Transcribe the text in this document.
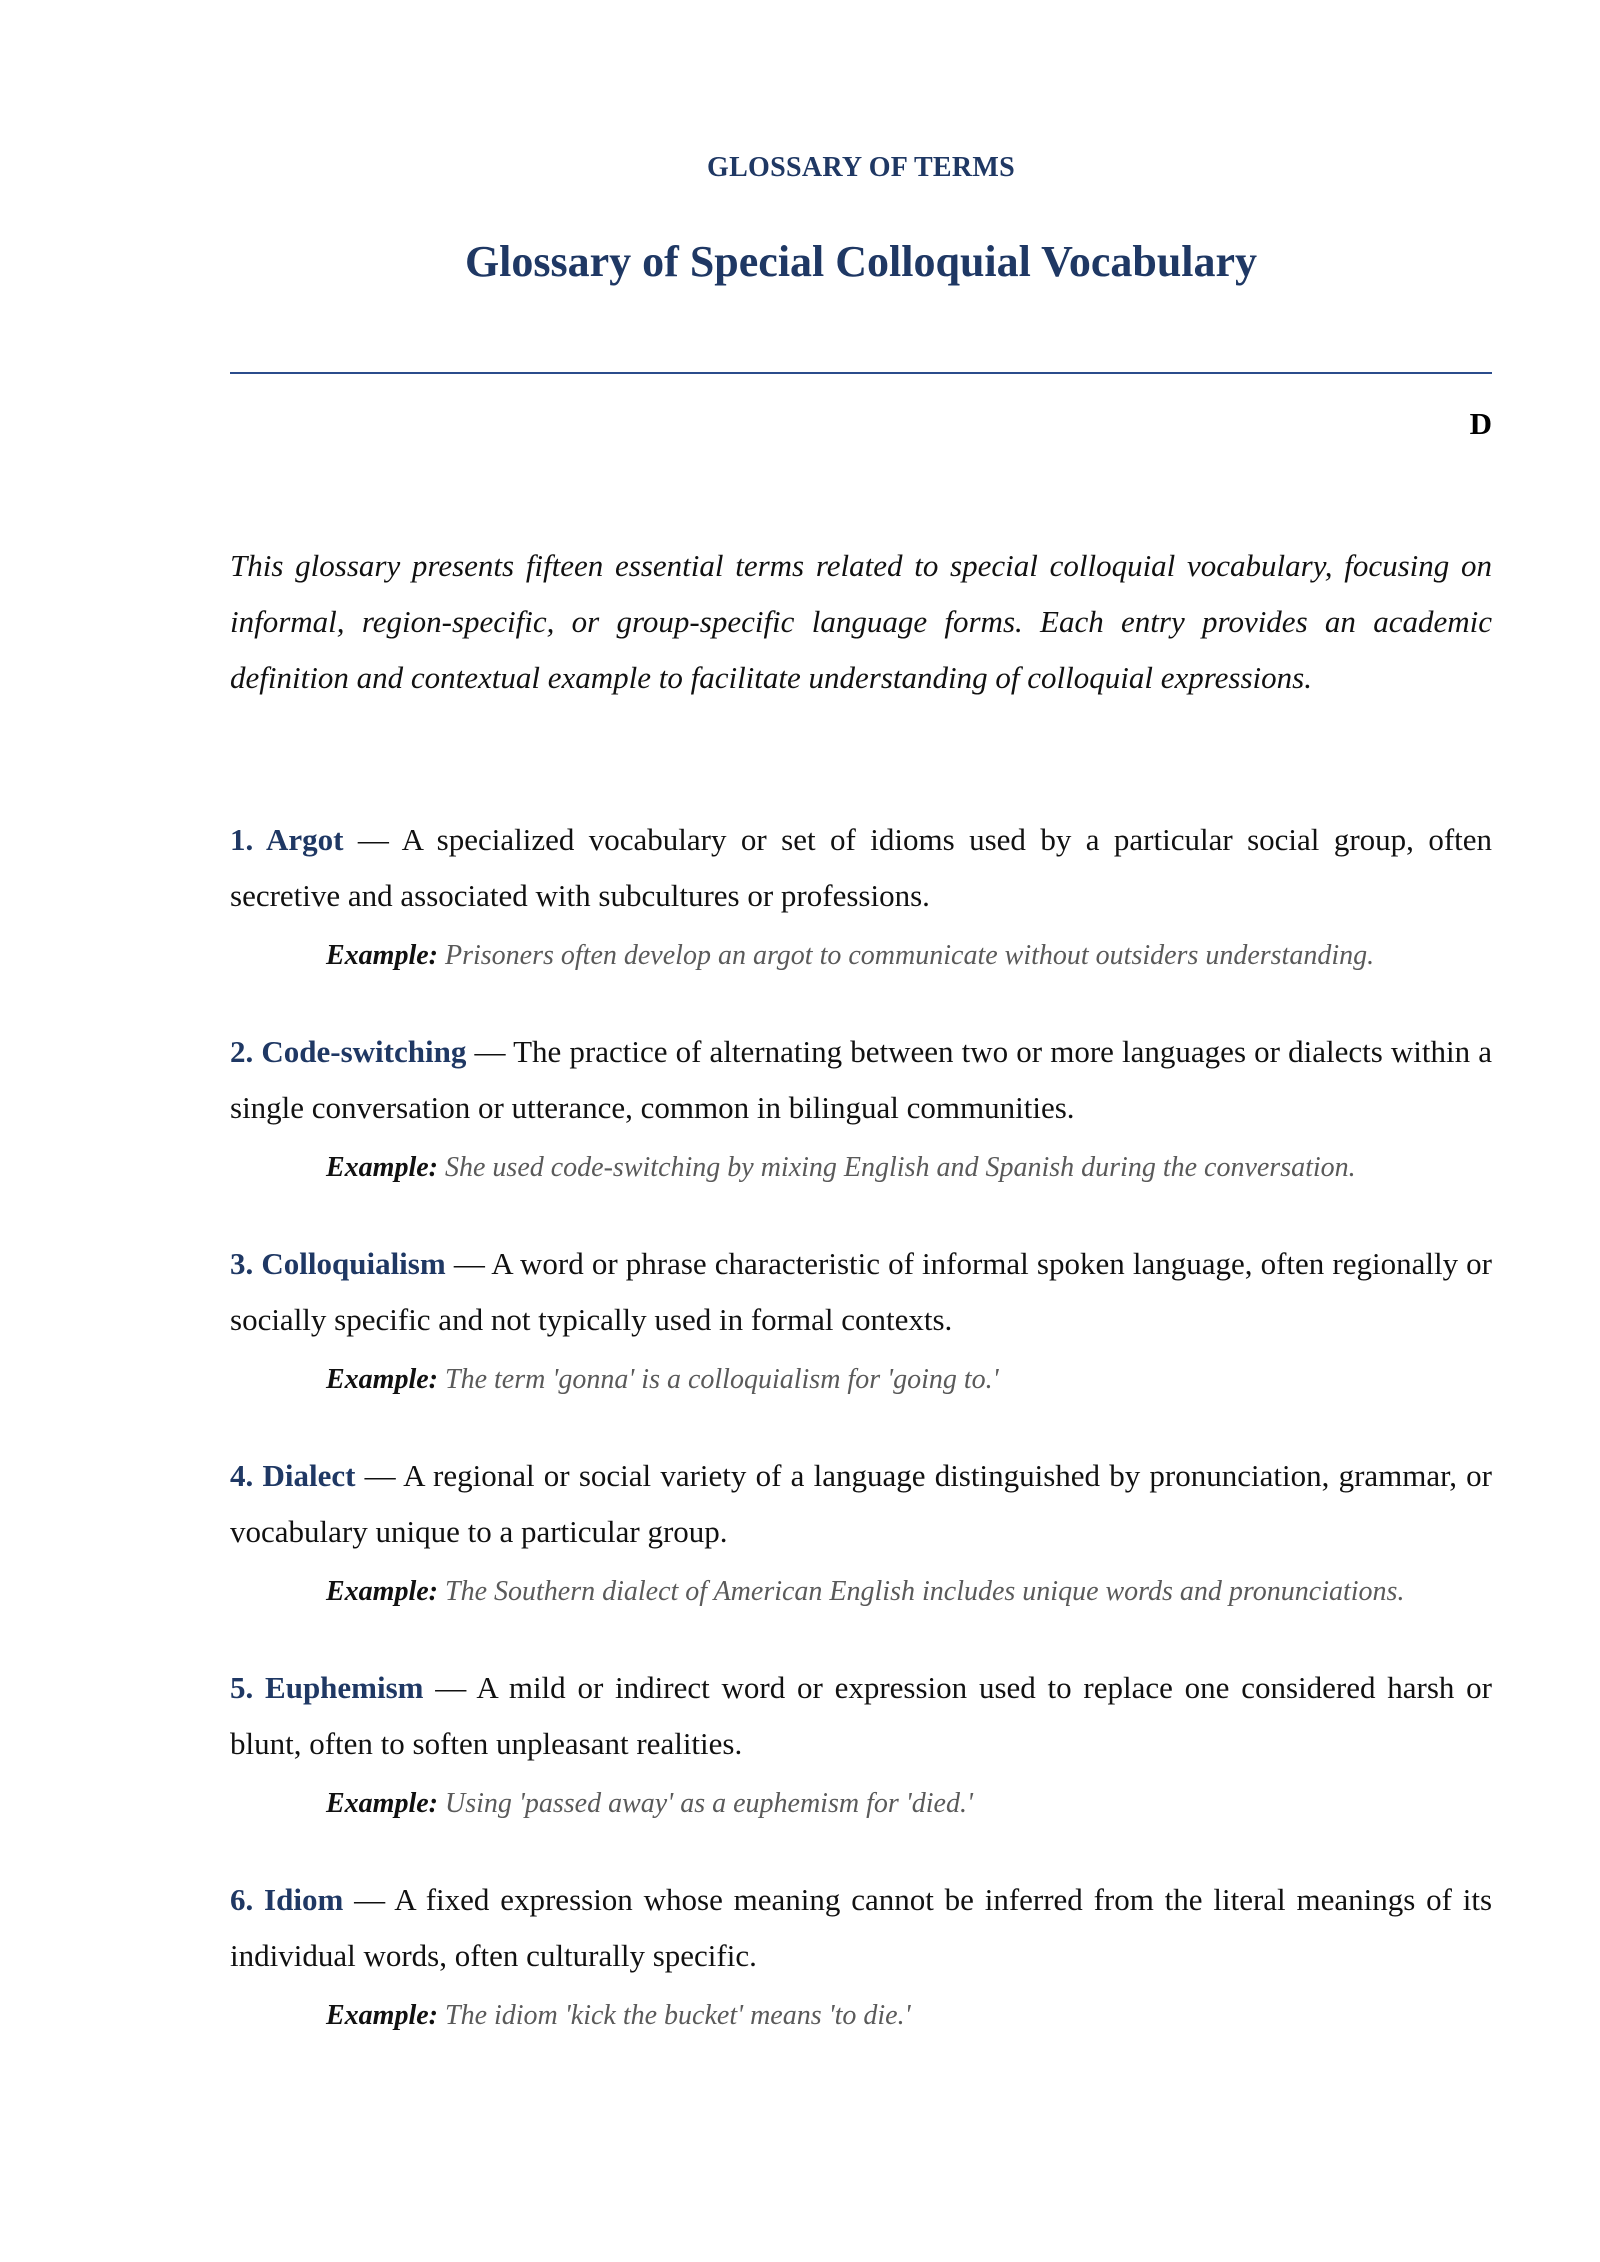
GLOSSARY OF TERMS
Glossary of Special Colloquial Vocabulary
D

This glossary presents fifteen essential terms related to special colloquial vocabulary, focusing on informal, region-specific, or group-specific language forms. Each entry provides an academic definition and contextual example to facilitate understanding of colloquial expressions.

1. Argot — A specialized vocabulary or set of idioms used by a particular social group, often secretive and associated with subcultures or professions.

Example: Prisoners often develop an argot to communicate without outsiders understanding.

2. Code-switching — The practice of alternating between two or more languages or dialects within a single conversation or utterance, common in bilingual communities.

Example: She used code-switching by mixing English and Spanish during the conversation.

3. Colloquialism — A word or phrase characteristic of informal spoken language, often regionally or socially specific and not typically used in formal contexts.

Example: The term 'gonna' is a colloquialism for 'going to.'

4. Dialect — A regional or social variety of a language distinguished by pronunciation, grammar, or vocabulary unique to a particular group.

Example: The Southern dialect of American English includes unique words and pronunciations.

5. Euphemism — A mild or indirect word or expression used to replace one considered harsh or blunt, often to soften unpleasant realities.

Example: Using 'passed away' as a euphemism for 'died.'

6. Idiom — A fixed expression whose meaning cannot be inferred from the literal meanings of its individual words, often culturally specific.

Example: The idiom 'kick the bucket' means 'to die.'
